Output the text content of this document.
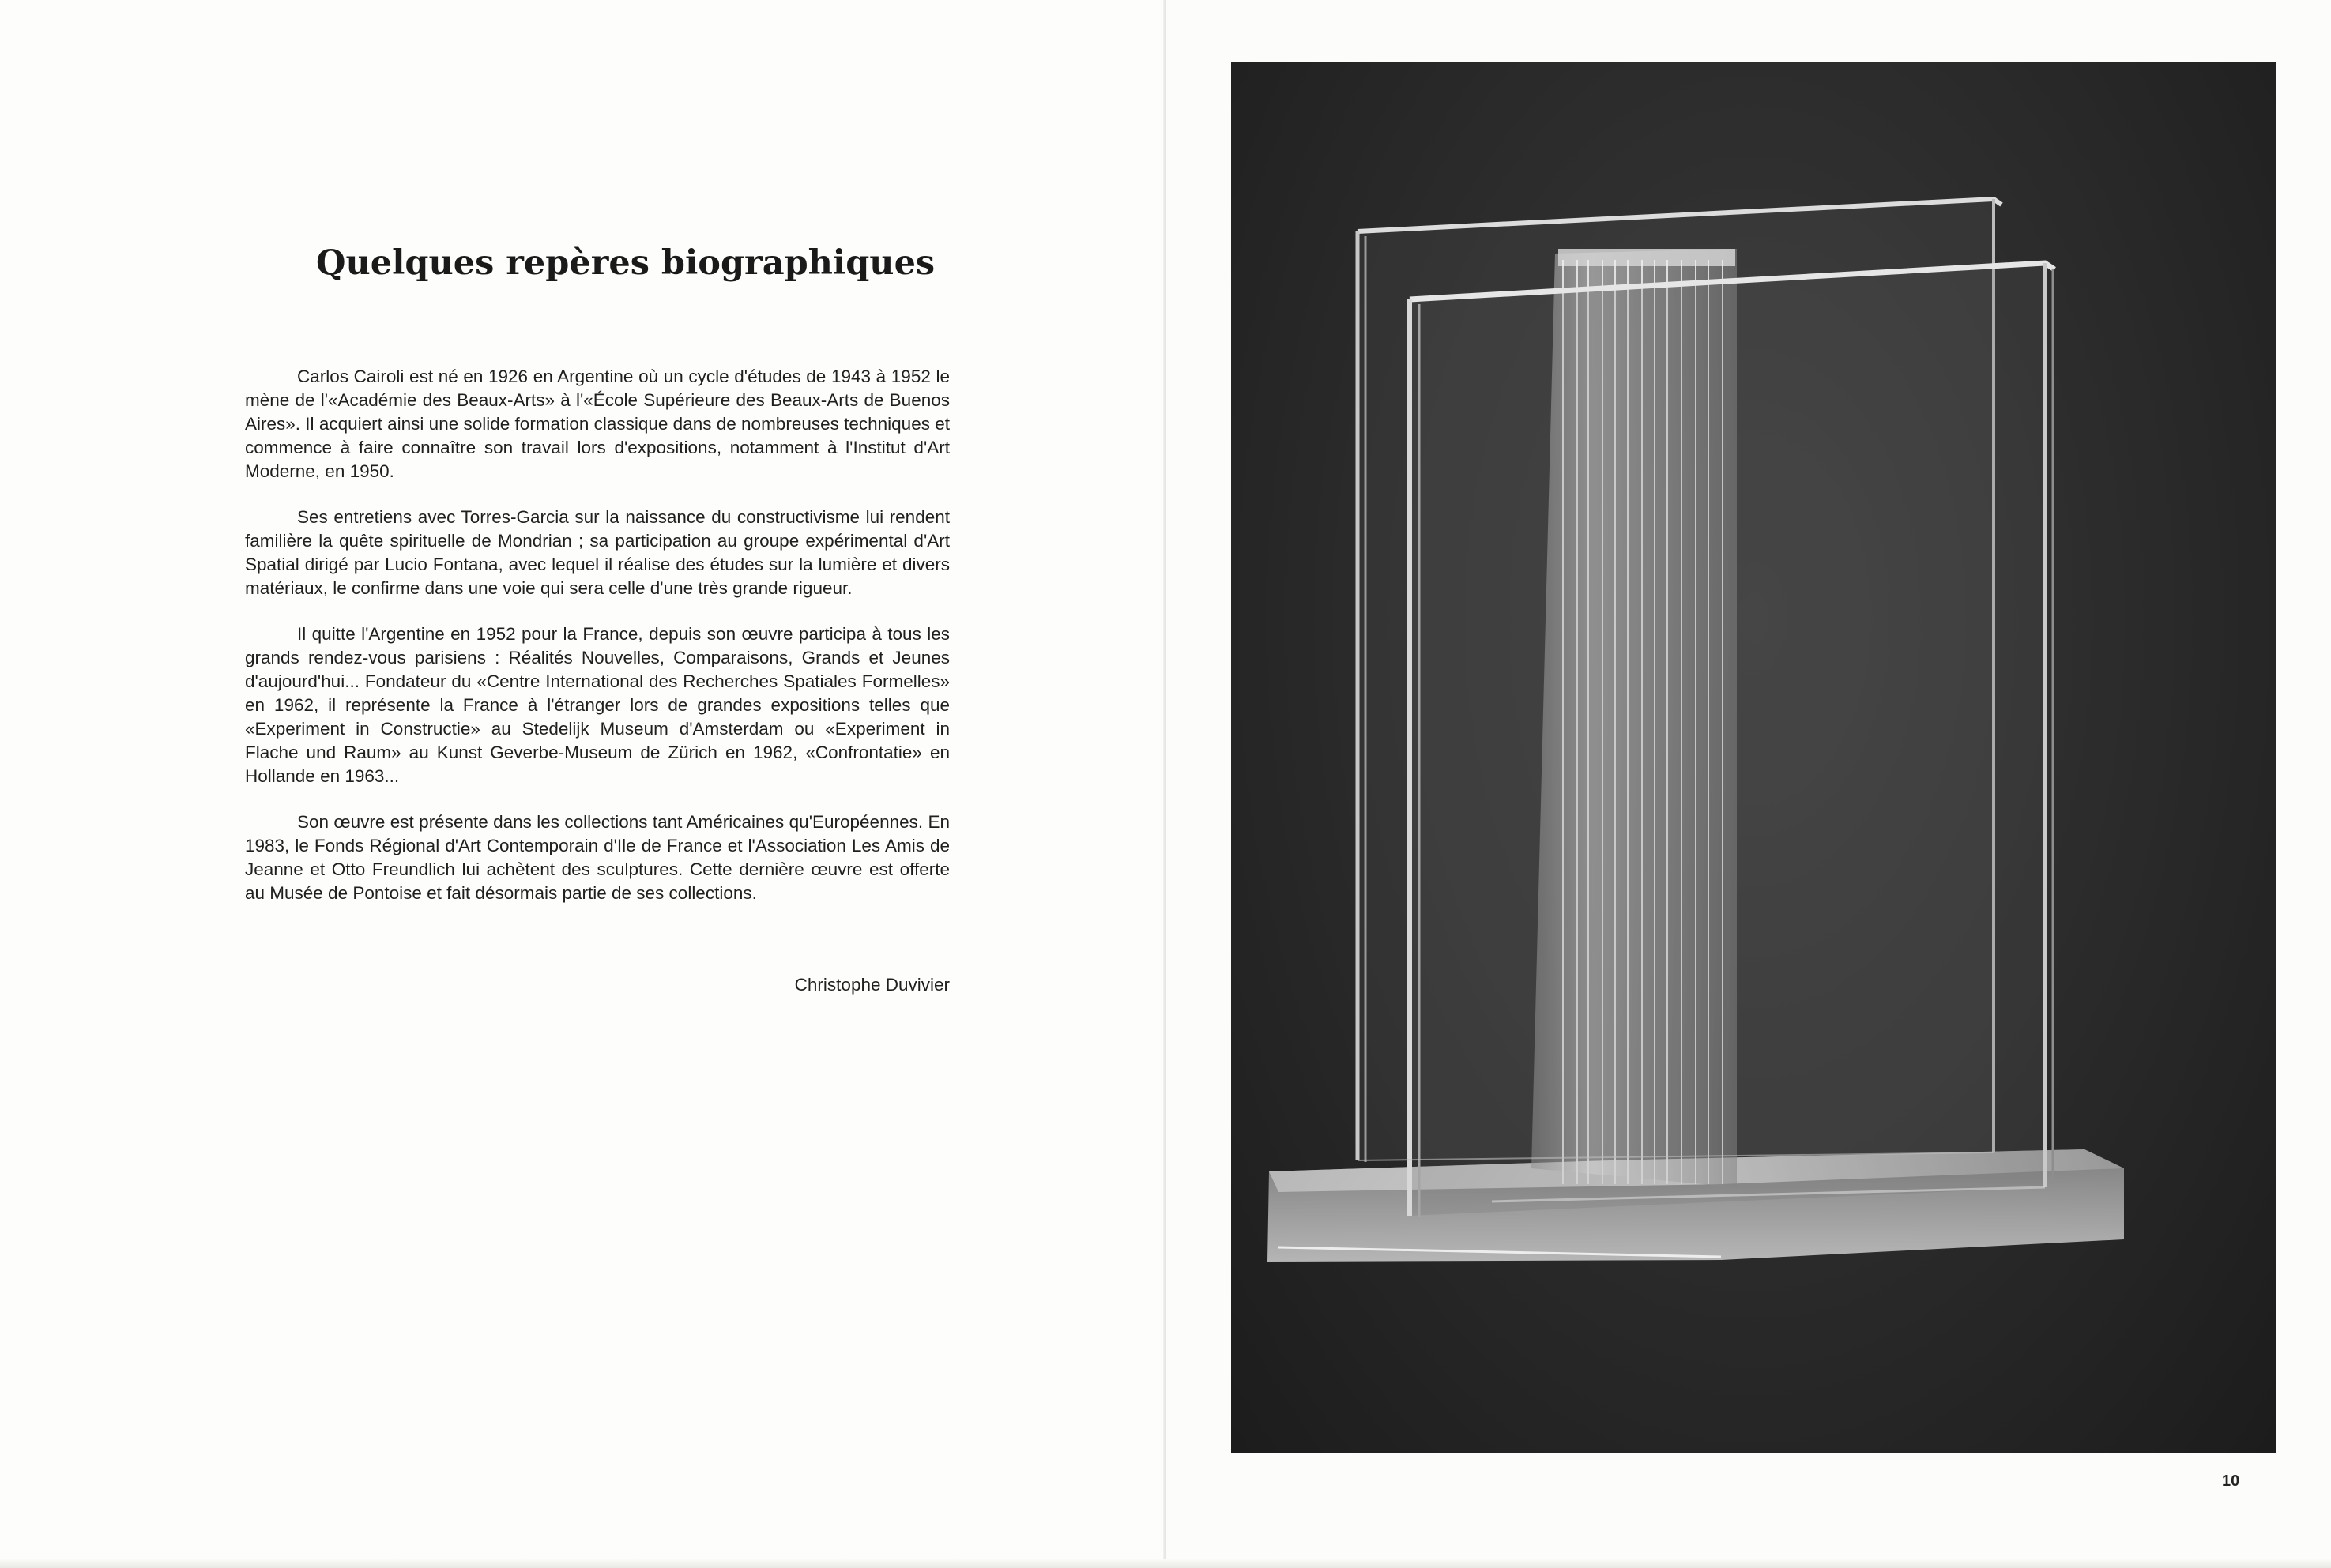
Quelques repères biographiques

Carlos Cairoli est né en 1926 en Argentine où un cycle d'études de 1943 à 1952 le mène de l'«Académie des Beaux-Arts» à l'«École Supérieure des Beaux-Arts de Buenos Aires». Il acquiert ainsi une solide formation classique dans de nombreuses techniques et commence à faire connaître son travail lors d'expositions, notamment à l'Institut d'Art Moderne, en 1950.

Ses entretiens avec Torres-Garcia sur la naissance du constructivisme lui rendent familière la quête spirituelle de Mondrian ; sa participation au groupe expérimental d'Art Spatial dirigé par Lucio Fontana, avec lequel il réalise des études sur la lumière et divers matériaux, le confirme dans une voie qui sera celle d'une très grande rigueur.

Il quitte l'Argentine en 1952 pour la France, depuis son œuvre participa à tous les grands rendez-vous parisiens : Réalités Nouvelles, Comparaisons, Grands et Jeunes d'aujourd'hui... Fondateur du «Centre International des Recherches Spatiales Formelles» en 1962, il représente la France à l'étranger lors de grandes expositions telles que «Experiment in Constructie» au Stedelijk Museum d'Amsterdam ou «Experiment in Flache und Raum» au Kunst Geverbe-Museum de Zürich en 1962, «Confrontatie» en Hollande en 1963...

Son œuvre est présente dans les collections tant Américaines qu'Européennes. En 1983, le Fonds Régional d'Art Contemporain d'Ile de France et l'Association Les Amis de Jeanne et Otto Freundlich lui achètent des sculptures. Cette dernière œuvre est offerte au Musée de Pontoise et fait désormais partie de ses collections.

Christophe Duvivier
10
